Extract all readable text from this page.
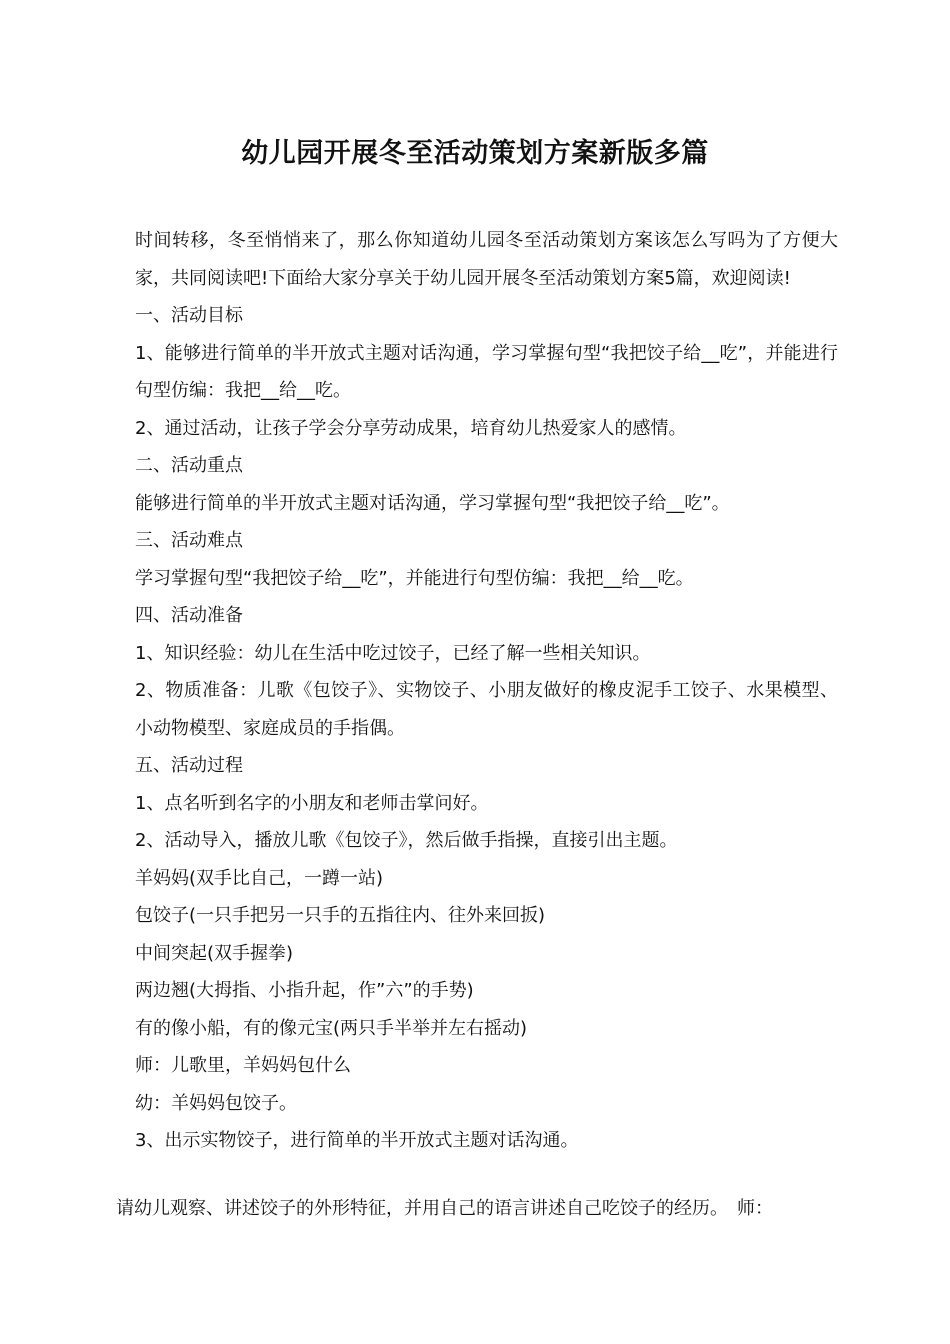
幼儿园开展冬至活动策划方案新版多篇

时间转移，冬至悄悄来了，那么你知道幼儿园冬至活动策划方案该怎么写吗为了方便大家，共同阅读吧!下面给大家分享关于幼儿园开展冬至活动策划方案5篇，欢迎阅读!

一、活动目标

1、能够进行简单的半开放式主题对话沟通，学习掌握句型“我把饺子给__吃”，并能进行句型仿编：我把__给__吃。

2、通过活动，让孩子学会分享劳动成果，培育幼儿热爱家人的感情。

二、活动重点

能够进行简单的半开放式主题对话沟通，学习掌握句型“我把饺子给__吃”。

三、活动难点

学习掌握句型“我把饺子给__吃”，并能进行句型仿编：我把__给__吃。

四、活动准备

1、知识经验：幼儿在生活中吃过饺子，已经了解一些相关知识。

2、物质准备：儿歌《包饺子》、实物饺子、小朋友做好的橡皮泥手工饺子、水果模型、小动物模型、家庭成员的手指偶。

五、活动过程

1、点名听到名字的小朋友和老师击掌问好。

2、活动导入，播放儿歌《包饺子》，然后做手指操，直接引出主题。

羊妈妈(双手比自己，一蹲一站)

包饺子(一只手把另一只手的五指往内、往外来回扳)

中间突起(双手握拳)

两边翘(大拇指、小指升起，作”六”的手势)

有的像小船，有的像元宝(两只手半举并左右摇动)

师：儿歌里，羊妈妈包什么

幼：羊妈妈包饺子。

3、出示实物饺子，进行简单的半开放式主题对话沟通。

请幼儿观察、讲述饺子的外形特征，并用自己的语言讲述自己吃饺子的经历。　师：
